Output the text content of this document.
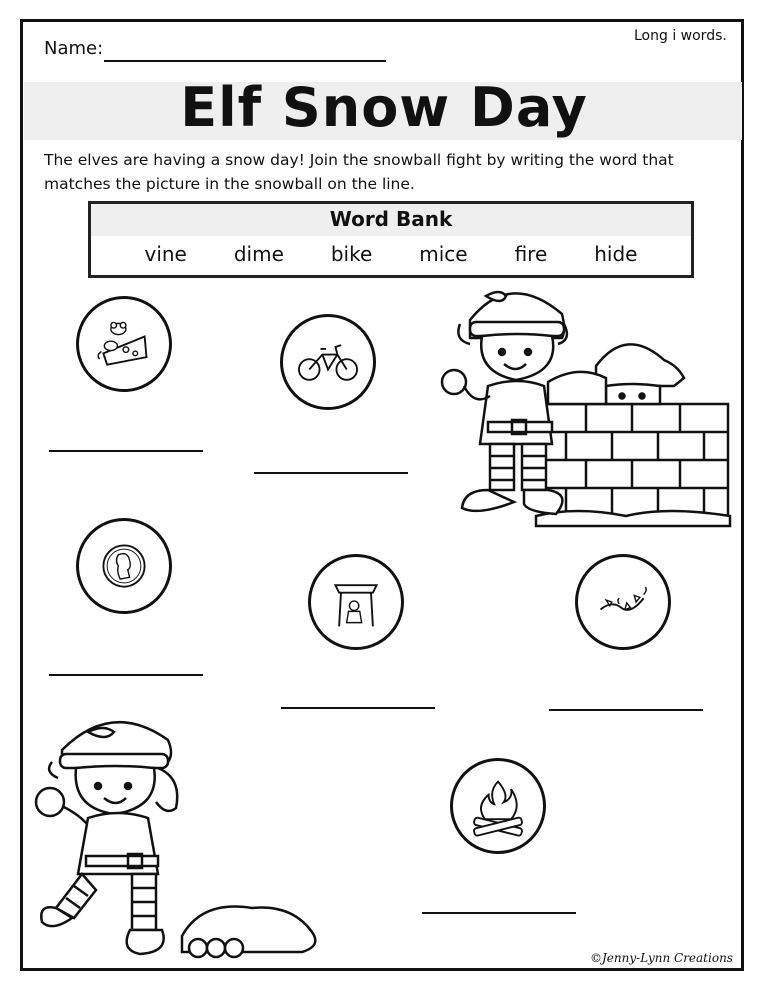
Name:
Long i words.
Elf Snow Day
The elves are having a snow day! Join the snowball fight by writing the word that matches the picture in the snowball on the line.
Word Bank
vine dime bike mice fire hide
©Jenny-Lynn Creations
